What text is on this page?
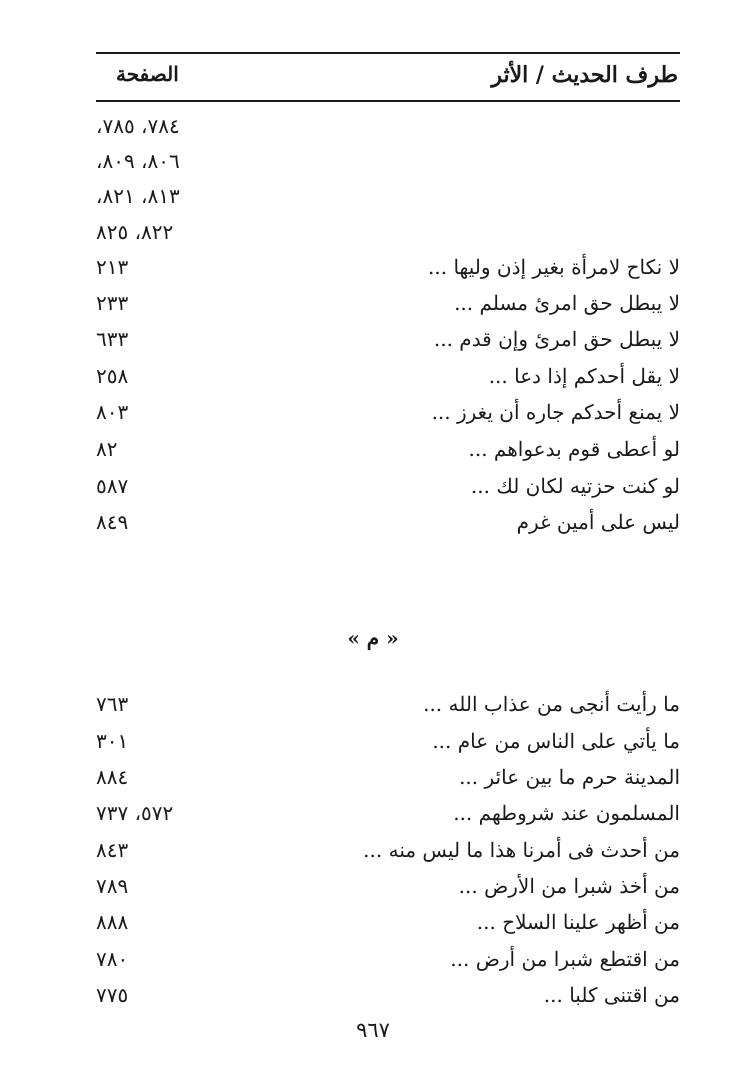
طرف الحديث / الأثر
الصفحة
٧٨٤، ٧٨٥،
٨٠٦، ٨٠٩،
٨١٣، ٨٢١،
٨٢٢، ٨٢٥
لا نكاح لامرأة بغير إذن وليها ...
٢١٣
لا يبطل حق امرئ مسلم ...
٢٣٣
لا يبطل حق امرئ وإن قدم ...
٦٣٣
لا يقل أحدكم إذا دعا ...
٢٥٨
لا يمنع أحدكم جاره أن يغرز ...
٨٠٣
لو أعطى قوم بدعواهم ...
٨٢
لو كنت حزتيه لكان لك ...
٥٨٧
ليس على أمين غرم
٨٤٩
« م »
ما رأيت أنجى من عذاب الله ...
٧٦٣
ما يأتي على الناس من عام ...
٣٠١
المدينة حرم ما بين عائر ...
٨٨٤
المسلمون عند شروطهم ...
٥٧٢، ٧٣٧
من أحدث فى أمرنا هذا ما ليس منه ...
٨٤٣
من أخذ شبرا من الأرض ...
٧٨٩
من أظهر علينا السلاح ...
٨٨٨
من اقتطع شبرا من أرض ...
٧٨٠
من اقتنى كلبا ...
٧٧٥
٩٦٧
